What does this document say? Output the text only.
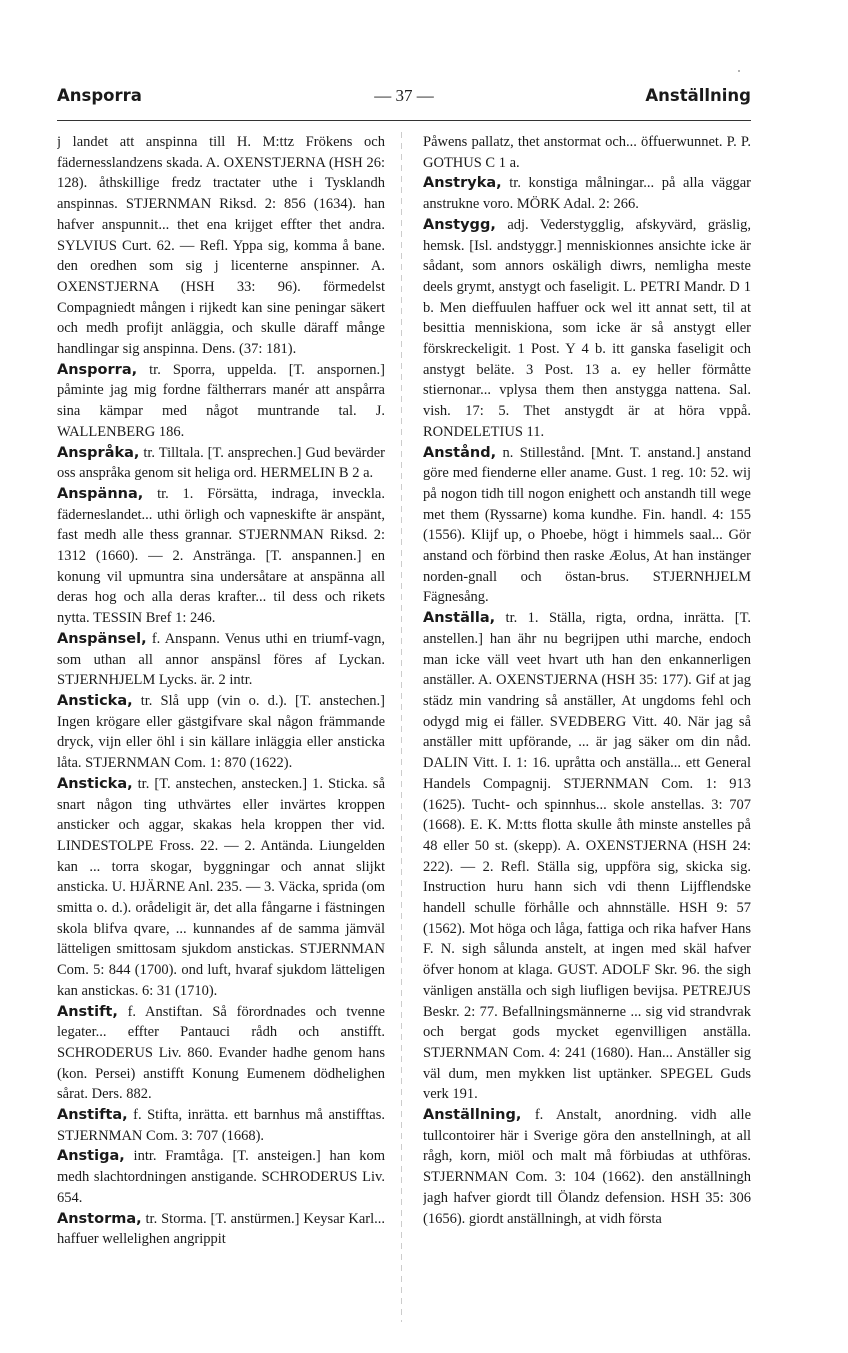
Ansporra	— 37 —	Anställning

j landet att anspinna till H. M:ttz Frökens och fädernesslandzens skada. A. OXENSTJERNA (HSH 26: 128). åthskillige fredz tractater uthe i Tysklandh anspinnas. STJERNMAN Riksd. 2: 856 (1634). han hafver anspunnit... thet ena krijget effter thet andra. SYLVIUS Curt. 62. — Refl. Yppa sig, komma å bane. den oredhen som sig j licenterne anspinner. A. OXENSTJERNA (HSH 33: 96). förmedelst Compagniedt mången i rijkedt kan sine peningar säkert och medh profijt anläggia, och skulle däraff månge handlingar sig anspinna. Dens. (37: 181).

Ansporra, tr. Sporra, uppelda. [T. anspornen.] påminte jag mig fordne fältherrars manér att anspårra sina kämpar med något muntrande tal. J. WALLENBERG 186.

Anspråka, tr. Tilltala. [T. ansprechen.] Gud bevärder oss anspråka genom sit heliga ord. HERMELIN B 2 a.

Anspänna, tr. 1. Försätta, indraga, inveckla. fäderneslandet... uthi örligh och vapneskifte är anspänt, fast medh alle thess grannar. STJERNMAN Riksd. 2: 1312 (1660). — 2. Anstränga. [T. anspannen.] en konung vil upmuntra sina undersåtare at anspänna all deras hog och alla deras krafter... til dess och rikets nytta. TESSIN Bref 1: 246.

Anspänsel, f. Anspann. Venus uthi en triumf-vagn, som uthan all annor anspänsl föres af Lyckan. STJERNHJELM Lycks. är. 2 intr.

Ansticka, tr. Slå upp (vin o. d.). [T. anstechen.] Ingen krögare eller gästgifvare skal någon främmande dryck, vijn eller öhl i sin källare inläggia eller ansticka låta. STJERNMAN Com. 1: 870 (1622).

Ansticka, tr. [T. anstechen, anstecken.] 1. Sticka. så snart någon ting uthvärtes eller invärtes kroppen ansticker och aggar, skakas hela kroppen ther vid. LINDESTOLPE Fross. 22. — 2. Antända. Liungelden kan ... torra skogar, byggningar och annat slijkt ansticka. U. HJÄRNE Anl. 235. — 3. Väcka, sprida (om smitta o. d.). orådeligit är, det alla fångarne i fästningen skola blifva qvare, ... kunnandes af de samma jämväl lätteligen smittosam sjukdom anstickas. STJERNMAN Com. 5: 844 (1700). ond luft, hvaraf sjukdom lätteligen kan anstickas. 6: 31 (1710).

Anstift, f. Anstiftan. Så förordnades och tvenne legater... effter Pantauci rådh och anstifft. SCHRODERUS Liv. 860. Evander hadhe genom hans (kon. Persei) anstifft Konung Eumenem dödhelighen sårat. Ders. 882.

Anstifta, f. Stifta, inrätta. ett barnhus må anstifftas. STJERNMAN Com. 3: 707 (1668).

Anstiga, intr. Framtåga. [T. ansteigen.] han kom medh slachtordningen anstigande. SCHRODERUS Liv. 654.

Anstorma, tr. Storma. [T. anstürmen.] Keysar Karl... haffuer wellelighen angrippit

Påwens pallatz, thet anstormat och... öffuerwunnet. P. P. GOTHUS C 1 a.

Anstryka, tr. konstiga målningar... på alla väggar anstrukne voro. MÖRK Adal. 2: 266.

Anstygg, adj. Vederstygglig, afskyvärd, gräslig, hemsk. [Isl. andstyggr.] menniskionnes ansichte icke är sådant, som annors oskäligh diwrs, nemligha meste deels grymt, anstygt och faseligit. L. PETRI Mandr. D 1 b. Men dieffuulen haffuer ock wel itt annat sett, til at besittia menniskiona, som icke är så anstygt eller förskreckeligit. 1 Post. Y 4 b. itt ganska faseligit och anstygt beläte. 3 Post. 13 a. ey heller förmåtte stiernonar... vplysa them then anstygga nattena. Sal. vish. 17: 5. Thet anstygdt är at höra vppå. RONDELETIUS 11.

Anstånd, n. Stillestånd. [Mnt. T. anstand.] anstand göre med fienderne eller aname. Gust. 1 reg. 10: 52. wij på nogon tidh till nogon enighett och anstandh till wege met them (Ryssarne) koma kundhe. Fin. handl. 4: 155 (1556). Klijf up, o Phoebe, högt i himmels saal... Gör anstand och förbind then raske Æolus, At han instänger norden-gnall och östan-brus. STJERNHJELM Fägnesång.

Anställa, tr. 1. Ställa, rigta, ordna, inrätta. [T. anstellen.] han ähr nu begrijpen uthi marche, endoch man icke väll veet hvart uth han den enkannerligen anställer. A. OXENSTJERNA (HSH 35: 177). Gif at jag städz min vandring så anställer, At ungdoms fehl och odygd mig ei fäller. SVEDBERG Vitt. 40. När jag så anställer mitt upförande, ... är jag säker om din nåd. DALIN Vitt. I. 1: 16. upråtta och anställa... ett General Handels Compagnij. STJERNMAN Com. 1: 913 (1625). Tucht- och spinnhus... skole anstellas. 3: 707 (1668). E. K. M:tts flotta skulle åth minste anstelles på 48 eller 50 st. (skepp). A. OXENSTJERNA (HSH 24: 222). — 2. Refl. Ställa sig, uppföra sig, skicka sig. Instruction huru hann sich vdi thenn Lijfflendske handell schulle förhålle och ahnnställe. HSH 9: 57 (1562). Mot höga och låga, fattiga och rika hafver Hans F. N. sigh sålunda anstelt, at ingen med skäl hafver öfver honom at klaga. GUST. ADOLF Skr. 96. the sigh vänligen anställa och sigh liufligen bevijsa. PETREJUS Beskr. 2: 77. Befallningsmännerne ... sig vid strandvrak och bergat gods mycket egenvilligen anställa. STJERNMAN Com. 4: 241 (1680). Han... Anställer sig väl dum, men mykken list uptänker. SPEGEL Guds verk 191.

Anställning, f. Anstalt, anordning. vidh alle tullcontoirer här i Sverige göra den anstellningh, at all rågh, korn, miöl och malt må förbiudas at uthföras. STJERNMAN Com. 3: 104 (1662). den anställningh jagh hafver giordt till Ölandz defension. HSH 35: 306 (1656). giordt anställningh, at vidh första
